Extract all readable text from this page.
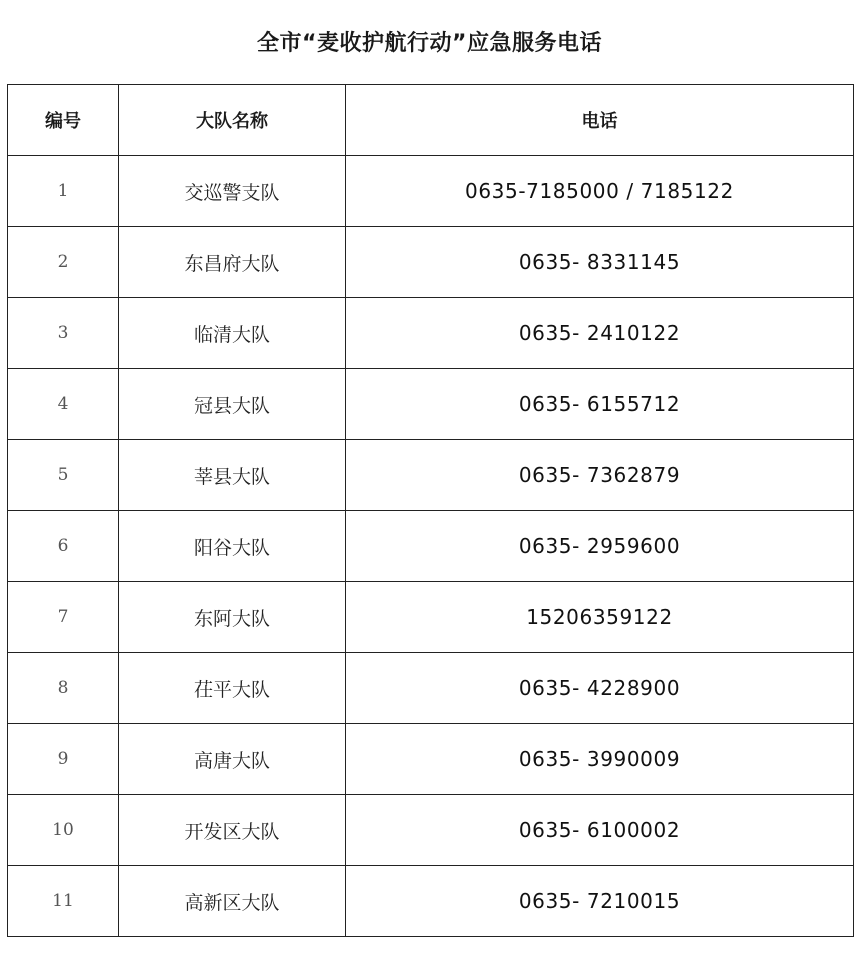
全市“麦收护航行动”应急服务电话
编号	大队名称	电话
1	交巡警支队	0635-7185000 / 7185122
2	东昌府大队	0635- 8331145
3	临清大队	0635- 2410122
4	冠县大队	0635- 6155712
5	莘县大队	0635- 7362879
6	阳谷大队	0635- 2959600
7	东阿大队	15206359122
8	茌平大队	0635- 4228900
9	高唐大队	0635- 3990009
10	开发区大队	0635- 6100002
11	高新区大队	0635- 7210015
